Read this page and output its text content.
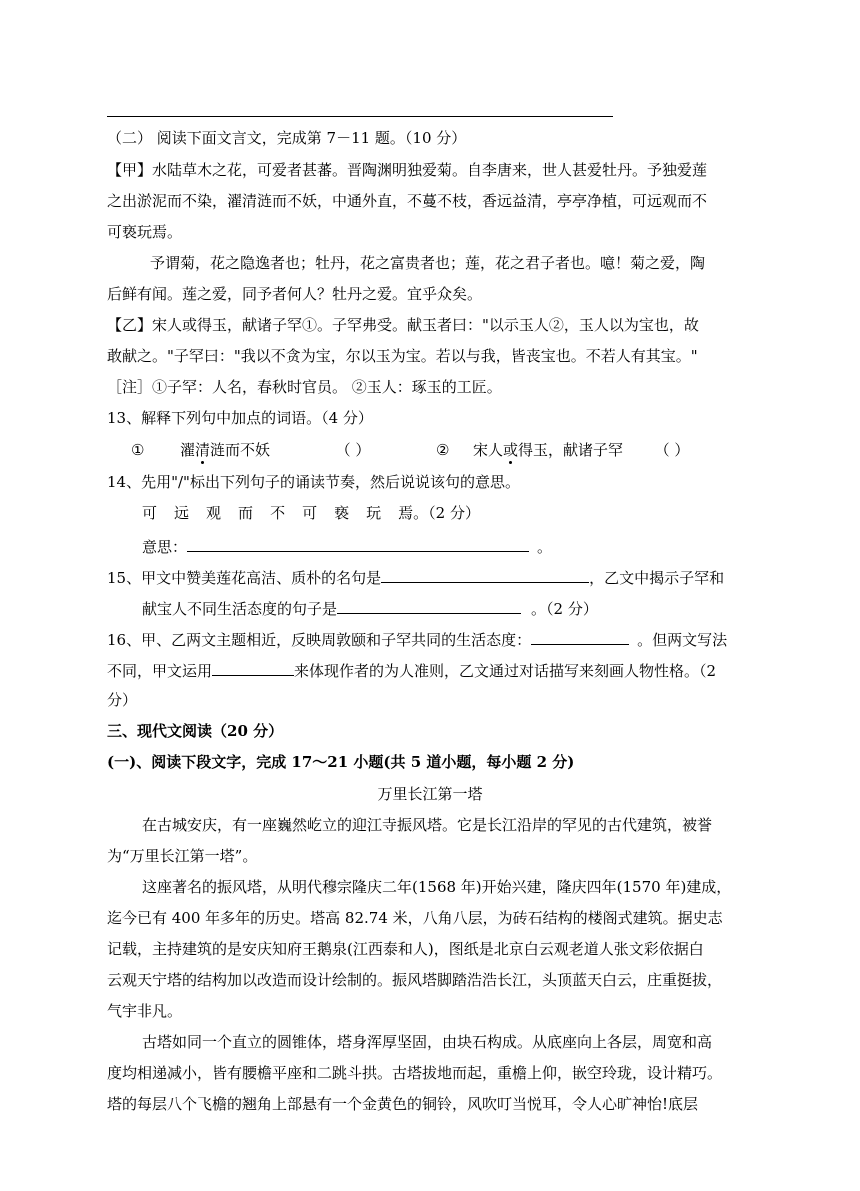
（二） 阅读下面文言文，完成第 7－11 题。（10 分）
【甲】水陆草木之花，可爱者甚蕃。晋陶渊明独爱菊。自李唐来，世人甚爱牡丹。予独爱莲
之出淤泥而不染，濯清涟而不妖，中通外直，不蔓不枝，香远益清，亭亭净植，可远观而不
可亵玩焉。
予谓菊，花之隐逸者也；牡丹，花之富贵者也；莲，花之君子者也。噫！菊之爱，陶
后鲜有闻。莲之爱，同予者何人？牡丹之爱。宜乎众矣。
【乙】宋人或得玉，献诸子罕①。子罕弗受。献玉者曰："以示玉人②，玉人以为宝也，故
敢献之。"子罕曰："我以不贪为宝，尔以玉为宝。若以与我，皆丧宝也。不若人有其宝。"
［注］①子罕：人名，春秋时官员。 ②玉人：琢玉的工匠。
13、解释下列句中加点的词语。（4 分）
① 濯清涟而不妖	（ ）	② 宋人或得玉，献诸子罕 （ ）
14、先用"/"标出下列句子的诵读节奏，然后说说该句的意思。
可 远 观 而 不 可 亵 玩 焉。（2 分）
意思：	。
15、甲文中赞美莲花高洁、质朴的名句是	，乙文中揭示子罕和
献宝人不同生活态度的句子是	。（2 分）
16、甲、乙两文主题相近，反映周敦颐和子罕共同的生活态度：	。但两文写法
不同，甲文运用	来体现作者的为人准则，乙文通过对话描写来刻画人物性格。（2
分）
三、现代文阅读（20 分）
(一)、阅读下段文字，完成 17～21 小题(共 5 道小题，每小题 2 分)
万里长江第一塔
在古城安庆，有一座巍然屹立的迎江寺振风塔。它是长江沿岸的罕见的古代建筑，被誉
为“万里长江第一塔”。
这座著名的振风塔，从明代穆宗隆庆二年(1568 年)开始兴建，隆庆四年(1570 年)建成，
迄今已有 400 年多年的历史。塔高 82.74 米，八角八层，为砖石结构的楼阁式建筑。据史志
记载，主持建筑的是安庆知府王鹅泉(江西泰和人)，图纸是北京白云观老道人张文彩依据白
云观天宁塔的结构加以改造而设计绘制的。振风塔脚踏浩浩长江，头顶蓝天白云，庄重挺拔，
气宇非凡。
古塔如同一个直立的圆锥体，塔身浑厚坚固，由块石构成。从底座向上各层，周宽和高
度均相递减小，皆有腰檐平座和二跳斗拱。古塔拔地而起，重檐上仰，嵌空玲珑，设计精巧。
塔的每层八个飞檐的翘角上部悬有一个金黄色的铜铃，风吹叮当悦耳，令人心旷神怡!底层
